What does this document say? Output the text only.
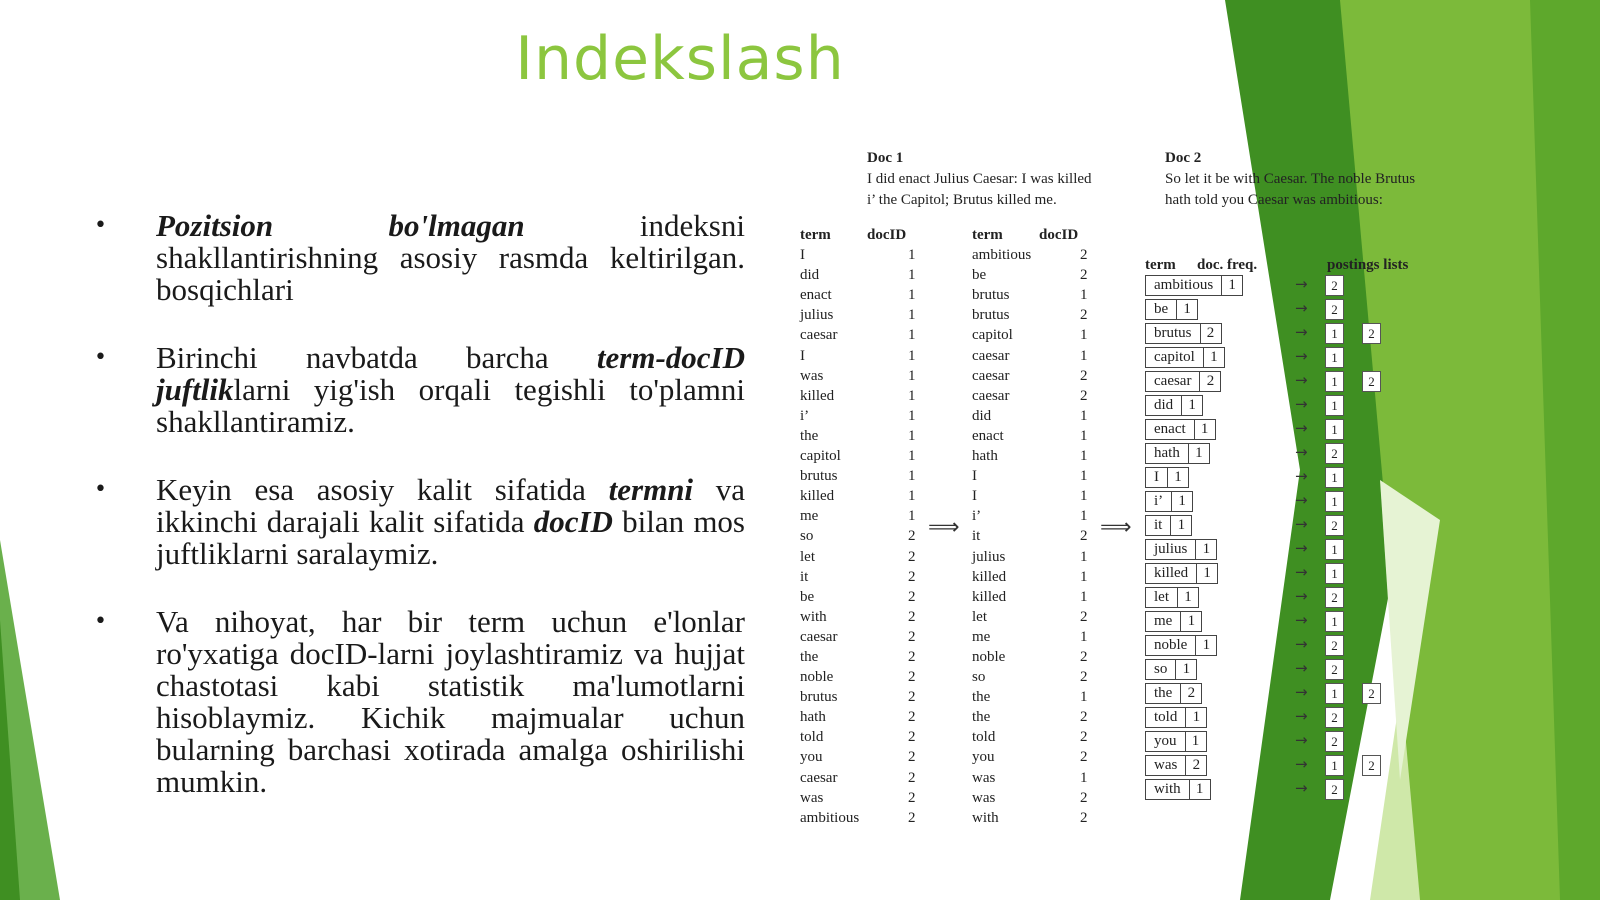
Indekslash
• Pozitsion bo'lmagan indeksni shakllantirishning asosiy rasmda keltirilgan. bosqichlari
• Birinchi navbatda barcha term-docID juftliklarni yig'ish orqali tegishli to'plamni shakllantiramiz.
• Keyin esa asosiy kalit sifatida termni va ikkinchi darajali kalit sifatida docID bilan mos juftliklarni saralaymiz.
• Va nihoyat, har bir term uchun e'lonlar ro'yxatiga docID-larni joylashtiramiz va hujjat chastotasi kabi statistik ma'lumotlarni hisoblaymiz. Kichik majmualar uchun bularning barchasi xotirada amalga oshirilishi mumkin.
Doc 1
I did enact Julius Caesar: I was killed
i’ the Capitol; Brutus killed me.
Doc 2
So let it be with Caesar. The noble Brutus
hath told you Caesar was ambitious:
term docID
I	1
did	1
enact	1
julius	1
caesar	1
I	1
was	1
killed	1
i’	1
the	1
capitol	1
brutus	1
killed	1
me	1
so	2
let	2
it	2
be	2
with	2
caesar	2
the	2
noble	2
brutus	2
hath	2
told	2
you	2
caesar	2
was	2
ambitious	2
⟹
term docID
ambitious	2
be	2
brutus	1
brutus	2
capitol	1
caesar	1
caesar	2
caesar	2
did	1
enact	1
hath	1
I	1
I	1
i’	1
it	2
julius	1
killed	1
killed	1
let	2
me	1
noble	2
so	2
the	1
the	2
told	2
you	2
was	1
was	2
with	2
⟹
term doc. freq.	postings lists
ambitious	1	→	2
be	1	→	2
brutus	2	→	1	2
capitol	1	→	1
caesar	2	→	1	2
did	1	→	1
enact	1	→	1
hath	1	→	2
I	1	→	1
i’	1	→	1
it	1	→	2
julius	1	→	1
killed	1	→	1
let	1	→	2
me	1	→	1
noble	1	→	2
so	1	→	2
the	2	→	1	2
told	1	→	2
you	1	→	2
was	2	→	1	2
with	1	→	2
